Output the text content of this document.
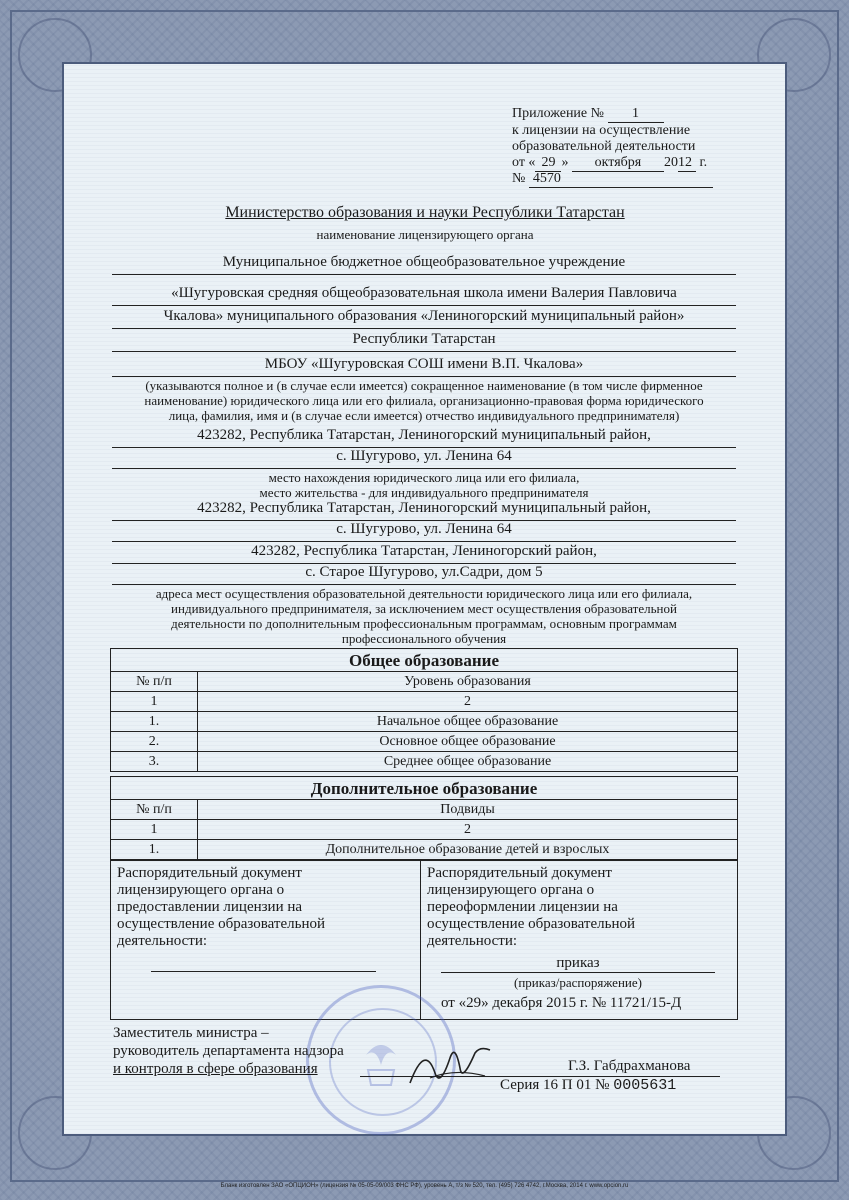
Приложение № 1
к лицензии на осуществление
образовательной деятельности
от « 29 » октября 2012 г.
№ 4570
Министерство образования и науки Республики Татарстан
наименование лицензирующего органа
Муниципальное бюджетное общеобразовательное учреждение
«Шугуровская средняя общеобразовательная школа имени Валерия Павловича
Чкалова» муниципального образования «Лениногорский муниципальный район»
Республики Татарстан
МБОУ «Шугуровская СОШ имени В.П. Чкалова»
(указываются полное и (в случае если имеется) сокращенное наименование (в том числе фирменное
наименование) юридического лица или его филиала, организационно-правовая форма юридического
лица, фамилия, имя и (в случае если имеется) отчество индивидуального предпринимателя)
423282, Республика Татарстан, Лениногорский муниципальный район,
с. Шугурово, ул. Ленина 64
место нахождения юридического лица или его филиала,
место жительства - для индивидуального предпринимателя
423282, Республика Татарстан, Лениногорский муниципальный район,
с. Шугурово, ул. Ленина 64
423282, Республика Татарстан, Лениногорский район,
с. Старое Шугурово, ул.Садри, дом 5
адреса мест осуществления образовательной деятельности юридического лица или его филиала,
индивидуального предпринимателя, за исключением мест осуществления образовательной
деятельности по дополнительным профессиональным программам, основным программам
профессионального обучения
Общее образование	
№ п/п	Уровень образования
1	2
1.	Начальное общее образование
2.	Основное общее образование
3.	Среднее общее образование
Дополнительное образование	
№ п/п	Подвиды
1	2
1.	Дополнительное образование детей и взрослых
Распорядительный документ
лицензирующего органа о
предоставлении лицензии на
осуществление образовательной
деятельности:
Распорядительный документ
лицензирующего органа о
переоформлении лицензии на
осуществление образовательной
деятельности:
приказ
(приказ/распоряжение)
от «29» декабря 2015 г. № 11721/15-Д
Заместитель министра –
руководитель департамента надзора
и контроля в сфере образования	Г.З. Габдрахманова
Серия 16 П 01 № 0005631
Бланк изготовлен ЗАО «ОПЦИОН» (лицензия № 05-05-09/003 ФНС РФ), уровень А, т/з № 520, тел. (495) 726 4742, г.Москва, 2014 г. www.opcion.ru
